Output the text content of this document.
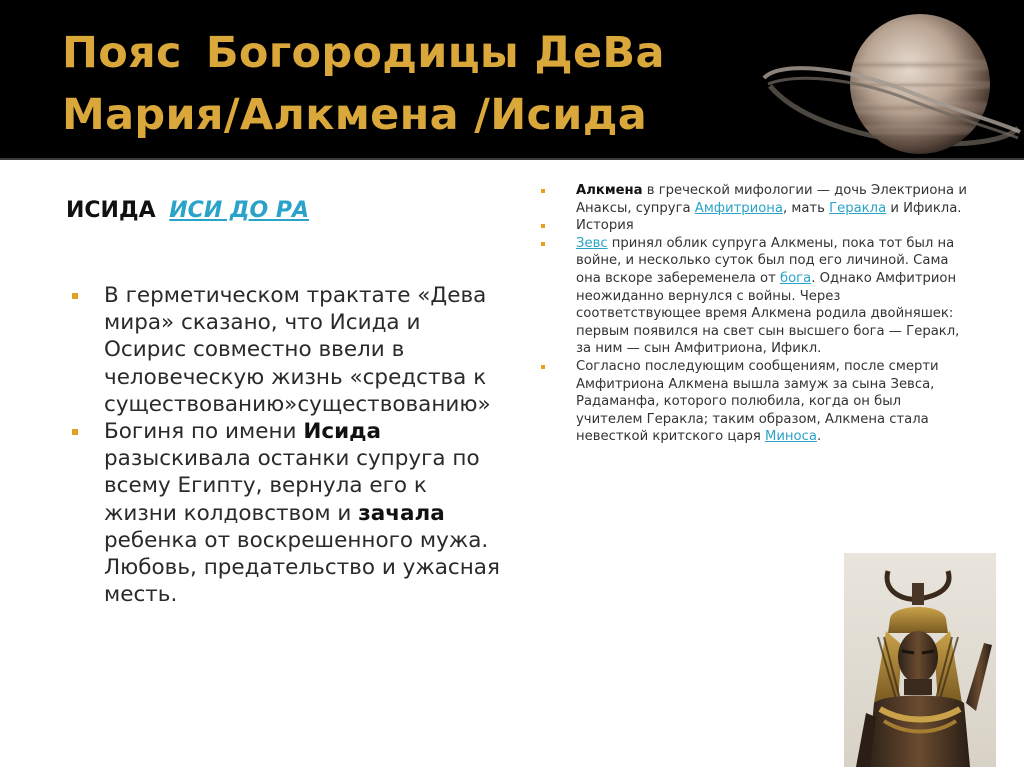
Пояс Богородицы ДеВа
Мария/Алкмена /Исида
ИСИДА ИСИ ДО РА
В герметическом трактате «Дева мира» сказано, что Исида и Осирис совместно ввели в человеческую жизнь «средства к существованию»существованию»
Богиня по имени Исида разыскивала останки супруга по всему Египту, вернула его к жизни колдовством и зачала ребенка от воскрешенного мужа. Любовь, предательство и ужасная месть.
Алкмена в греческой мифологии — дочь Электриона и Анаксы, супруга Амфитриона, мать Геракла и Ификла.
История
Зевс принял облик супруга Алкмены, пока тот был на войне, и несколько суток был под его личиной. Сама она вскоре забеременела от бога. Однако Амфитрион неожиданно вернулся с войны. Через соответствующее время Алкмена родила двойняшек: первым появился на свет сын высшего бога — Геракл, за ним — сын Амфитриона, Ификл.
Согласно последующим сообщениям, после смерти Амфитриона Алкмена вышла замуж за сына Зевса, Радаманфа, которого полюбила, когда он был учителем Геракла; таким образом, Алкмена стала невесткой критского царя Миноса.
